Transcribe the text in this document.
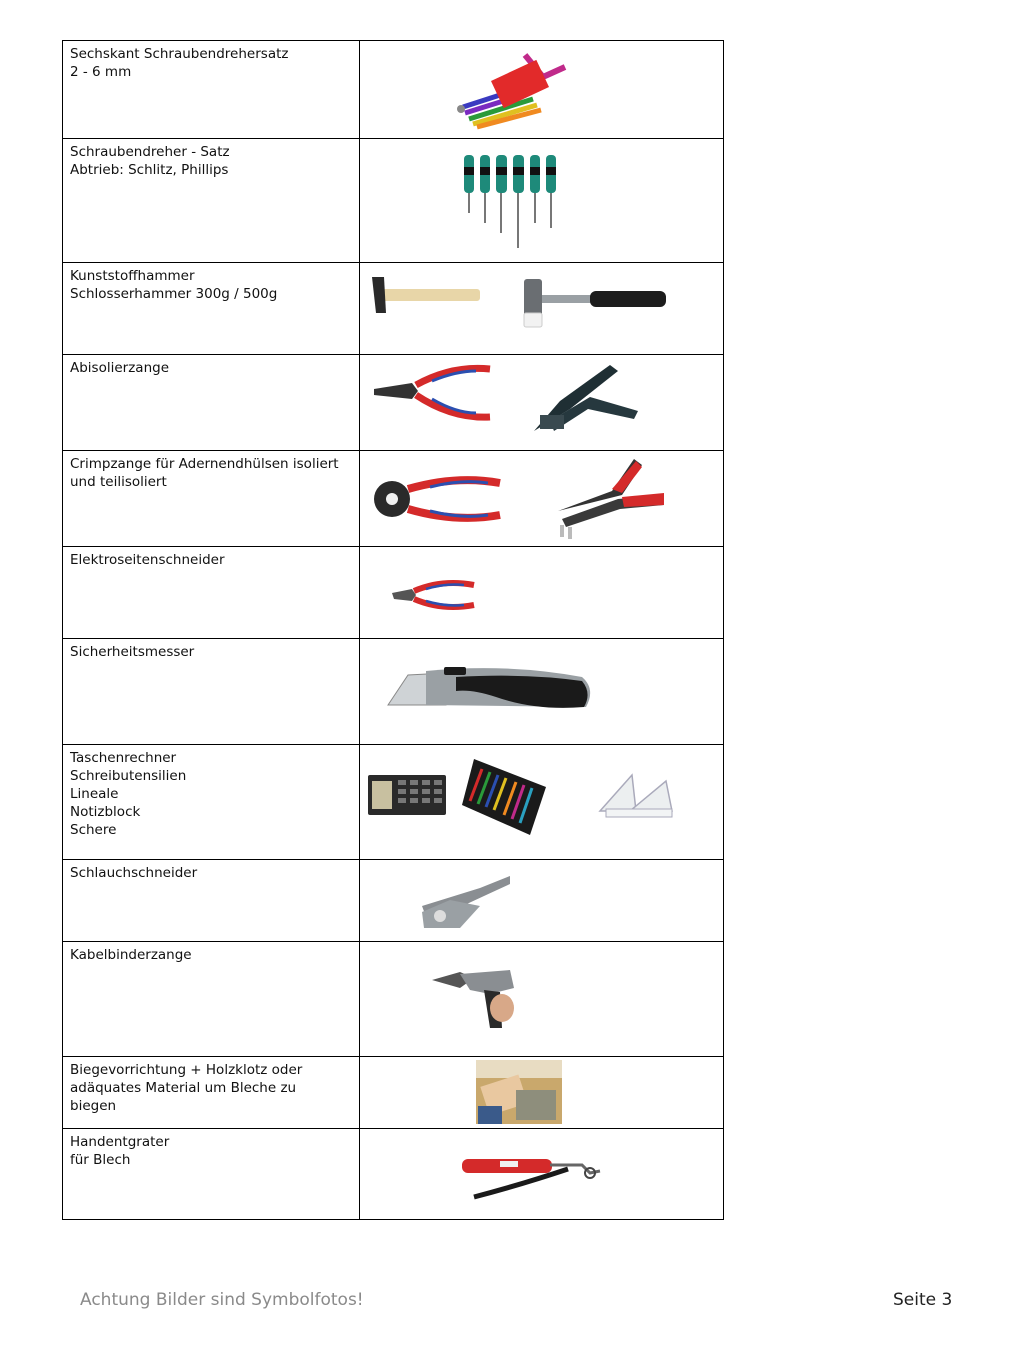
Sechskant Schraubendrehersatz
2 - 6 mm

Schraubendreher - Satz
Abtrieb: Schlitz, Phillips

Kunststoffhammer
Schlosserhammer 300g / 500g

Abisolierzange

Crimpzange für Adernendhülsen isoliert
und teilisoliert

Elektroseitenschneider

Sicherheitsmesser

Taschenrechner
Schreibutensilien
Lineale
Notizblock
Schere

Schlauchschneider

Kabelbinderzange

Biegevorrichtung + Holzklotz oder
adäquates Material um Bleche zu
biegen

Handentgrater
für Blech

Achtung Bilder sind Symbolfotos!	Seite 3
